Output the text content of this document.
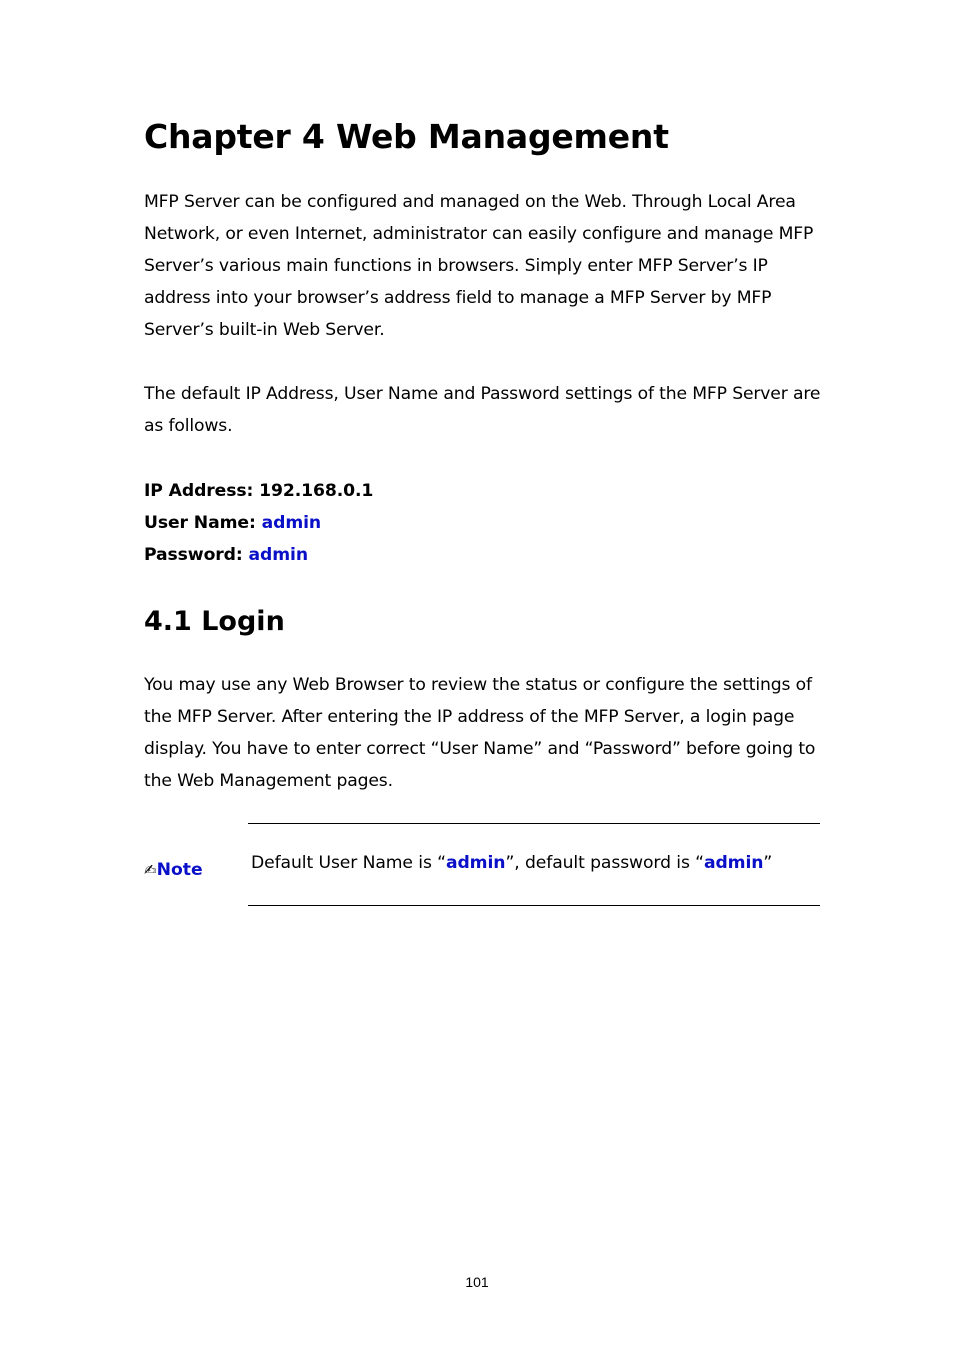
Chapter 4 Web Management

MFP Server can be configured and managed on the Web. Through Local Area Network, or even Internet, administrator can easily configure and manage MFP Server’s various main functions in browsers. Simply enter MFP Server’s IP address into your browser’s address field to manage a MFP Server by MFP Server’s built-in Web Server.

The default IP Address, User Name and Password settings of the MFP Server are as follows.

IP Address: 192.168.0.1
User Name: admin
Password: admin
4.1 Login

You may use any Web Browser to review the status or configure the settings of the MFP Server. After entering the IP address of the MFP Server, a login page display. You have to enter correct “User Name” and “Password” before going to the Web Management pages.

✍Note	Default User Name is “admin”, default password is “admin”
101
